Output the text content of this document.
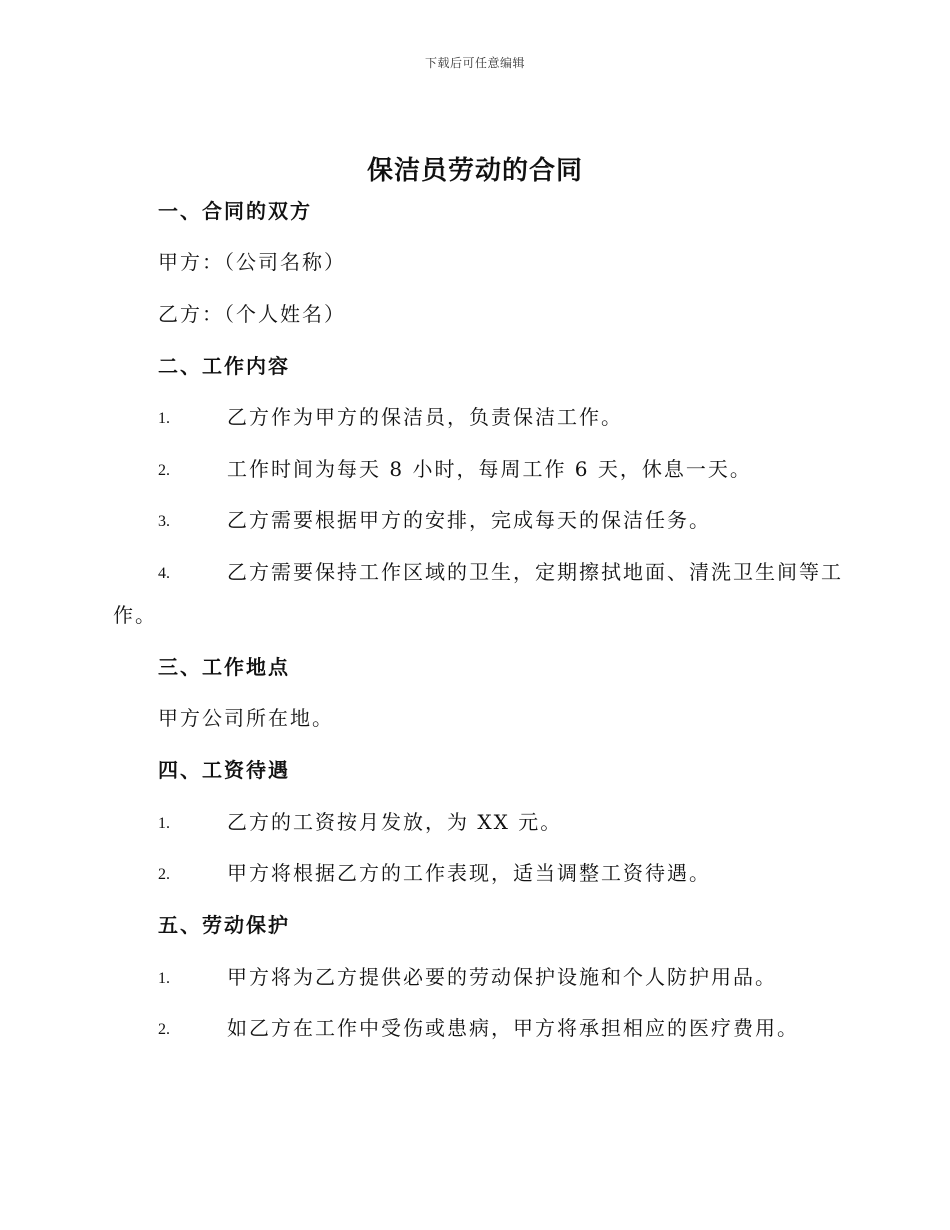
下载后可任意编辑
保洁员劳动的合同
一、合同的双方
甲方：（公司名称）
乙方：（个人姓名）
二、工作内容
1.	乙方作为甲方的保洁员，负责保洁工作。
2.	工作时间为每天 8 小时，每周工作 6 天，休息一天。
3.	乙方需要根据甲方的安排，完成每天的保洁任务。
4.	乙方需要保持工作区域的卫生，定期擦拭地面、清洗卫生间等工
作。
三、工作地点
甲方公司所在地。
四、工资待遇
1.	乙方的工资按月发放，为 XX 元。
2.	甲方将根据乙方的工作表现，适当调整工资待遇。
五、劳动保护
1.	甲方将为乙方提供必要的劳动保护设施和个人防护用品。
2.	如乙方在工作中受伤或患病，甲方将承担相应的医疗费用。
